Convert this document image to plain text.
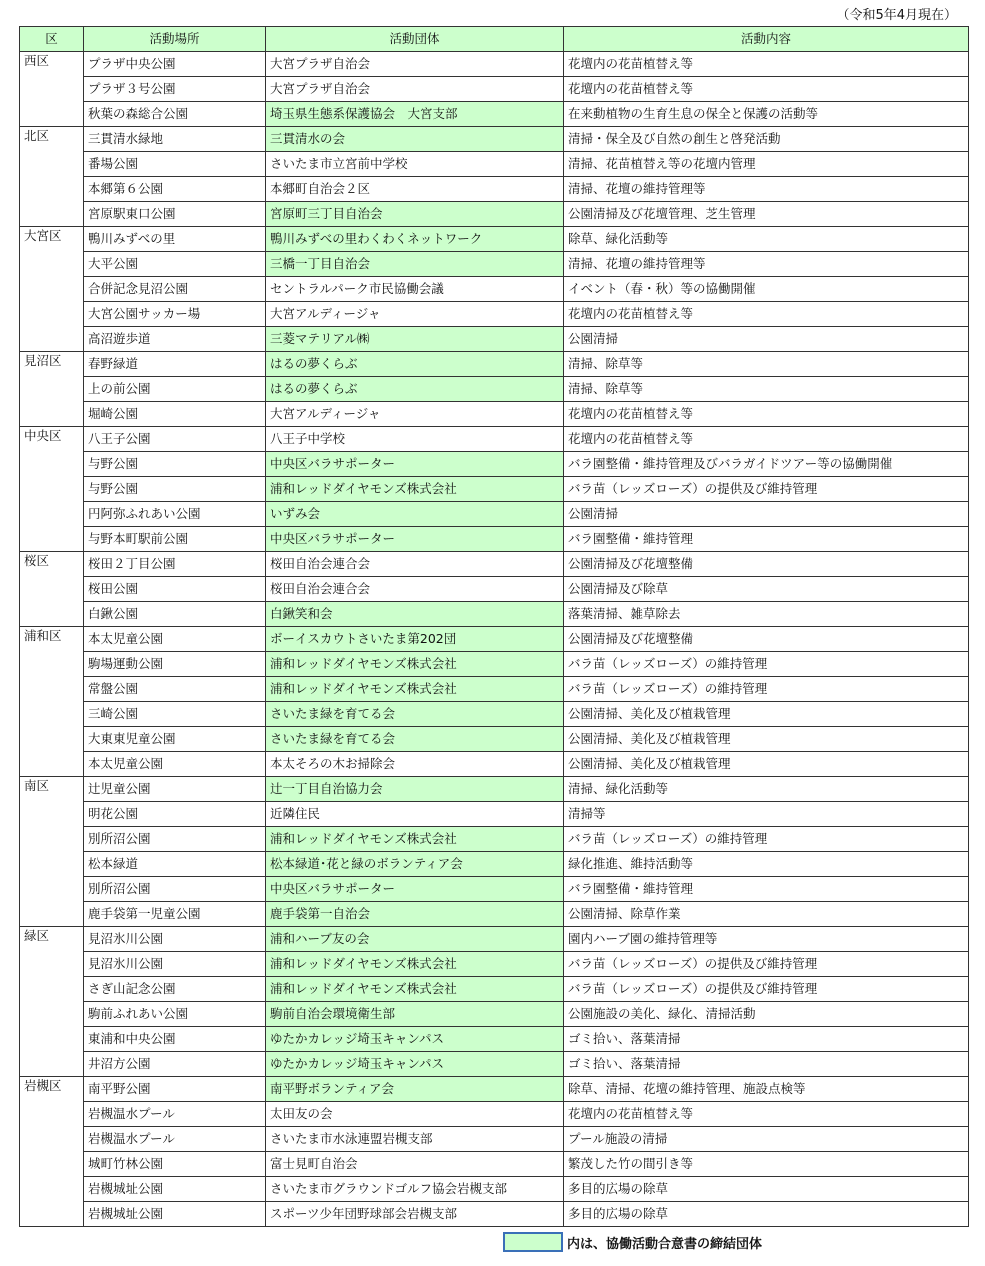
（令和5年4月現在）
区	活動場所	活動団体	活動内容
西区	プラザ中央公園	大宮プラザ自治会	花壇内の花苗植替え等
	プラザ３号公園	大宮プラザ自治会	花壇内の花苗植替え等
	秋葉の森総合公園	埼玉県生態系保護協会　大宮支部	在来動植物の生育生息の保全と保護の活動等
北区	三貫清水緑地	三貫清水の会	清掃・保全及び自然の創生と啓発活動
	番場公園	さいたま市立宮前中学校	清掃、花苗植替え等の花壇内管理
	本郷第６公園	本郷町自治会２区	清掃、花壇の維持管理等
	宮原駅東口公園	宮原町三丁目自治会	公園清掃及び花壇管理、芝生管理
大宮区	鴨川みずべの里	鴨川みずべの里わくわくネットワーク	除草、緑化活動等
	大平公園	三橋一丁目自治会	清掃、花壇の維持管理等
	合併記念見沼公園	セントラルパーク市民協働会議	イベント（春・秋）等の協働開催
	大宮公園サッカー場	大宮アルディージャ	花壇内の花苗植替え等
	高沼遊歩道	三菱マテリアル㈱	公園清掃
見沼区	春野緑道	はるの夢くらぶ	清掃、除草等
	上の前公園	はるの夢くらぶ	清掃、除草等
	堀崎公園	大宮アルディージャ	花壇内の花苗植替え等
中央区	八王子公園	八王子中学校	花壇内の花苗植替え等
	与野公園	中央区バラサポーター	バラ園整備・維持管理及びバラガイドツアー等の協働開催
	与野公園	浦和レッドダイヤモンズ株式会社	バラ苗（レッズローズ）の提供及び維持管理
	円阿弥ふれあい公園	いずみ会	公園清掃
	与野本町駅前公園	中央区バラサポーター	バラ園整備・維持管理
桜区	桜田２丁目公園	桜田自治会連合会	公園清掃及び花壇整備
	桜田公園	桜田自治会連合会	公園清掃及び除草
	白鍬公園	白鍬笑和会	落葉清掃、雑草除去
浦和区	本太児童公園	ボーイスカウトさいたま第202団	公園清掃及び花壇整備
	駒場運動公園	浦和レッドダイヤモンズ株式会社	バラ苗（レッズローズ）の維持管理
	常盤公園	浦和レッドダイヤモンズ株式会社	バラ苗（レッズローズ）の維持管理
	三崎公園	さいたま緑を育てる会	公園清掃、美化及び植栽管理
	大東東児童公園	さいたま緑を育てる会	公園清掃、美化及び植栽管理
	本太児童公園	本太そろの木お掃除会	公園清掃、美化及び植栽管理
南区	辻児童公園	辻一丁目自治協力会	清掃、緑化活動等
	明花公園	近隣住民	清掃等
	別所沼公園	浦和レッドダイヤモンズ株式会社	バラ苗（レッズローズ）の維持管理
	松本緑道	松本緑道･花と緑のボランティア会	緑化推進、維持活動等
	別所沼公園	中央区バラサポーター	バラ園整備・維持管理
	鹿手袋第一児童公園	鹿手袋第一自治会	公園清掃、除草作業
緑区	見沼氷川公園	浦和ハーブ友の会	園内ハーブ園の維持管理等
	見沼氷川公園	浦和レッドダイヤモンズ株式会社	バラ苗（レッズローズ）の提供及び維持管理
	さぎ山記念公園	浦和レッドダイヤモンズ株式会社	バラ苗（レッズローズ）の提供及び維持管理
	駒前ふれあい公園	駒前自治会環境衛生部	公園施設の美化、緑化、清掃活動
	東浦和中央公園	ゆたかカレッジ埼玉キャンパス	ゴミ拾い、落葉清掃
	井沼方公園	ゆたかカレッジ埼玉キャンパス	ゴミ拾い、落葉清掃
岩槻区	南平野公園	南平野ボランティア会	除草、清掃、花壇の維持管理、施設点検等
	岩槻温水プール	太田友の会	花壇内の花苗植替え等
	岩槻温水プール	さいたま市水泳連盟岩槻支部	プール施設の清掃
	城町竹林公園	富士見町自治会	繁茂した竹の間引き等
	岩槻城址公園	さいたま市グラウンドゴルフ協会岩槻支部	多目的広場の除草
	岩槻城址公園	スポーツ少年団野球部会岩槻支部	多目的広場の除草
内は、協働活動合意書の締結団体
